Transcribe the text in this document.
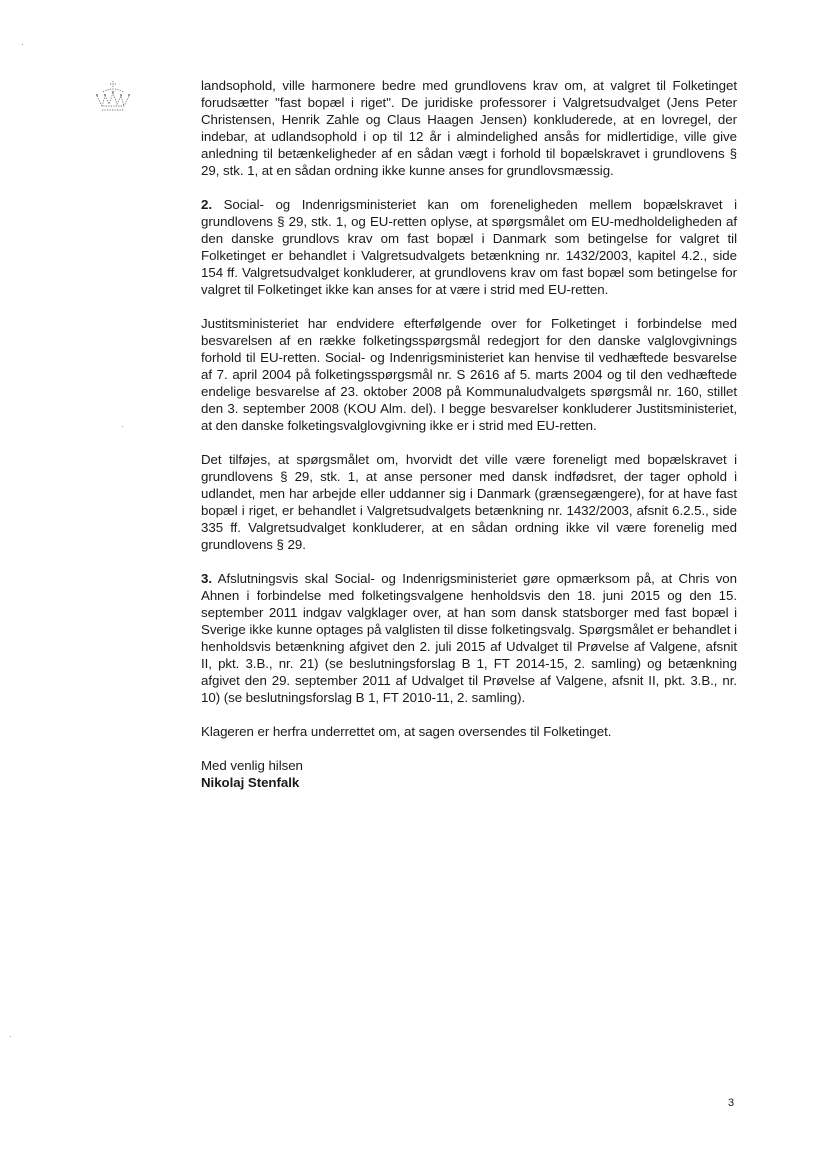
landsophold, ville harmonere bedre med grundlovens krav om, at valgret til Folketinget forudsætter "fast bopæl i riget". De juridiske professorer i Valgretsudvalget (Jens Peter Christensen, Henrik Zahle og Claus Haagen Jensen) konkluderede, at en lovregel, der indebar, at udlandsophold i op til 12 år i almindelighed ansås for midlertidige, ville give anledning til betænkeligheder af en sådan vægt i forhold til bopælskravet i grundlovens § 29, stk. 1, at en sådan ordning ikke kunne anses for grundlovsmæssig.

2. Social- og Indenrigsministeriet kan om foreneligheden mellem bopælskravet i grundlovens § 29, stk. 1, og EU-retten oplyse, at spørgsmålet om EU-medholdeligheden af den danske grundlovs krav om fast bopæl i Danmark som betingelse for valgret til Folketinget er behandlet i Valgretsudvalgets betænkning nr. 1432/2003, kapitel 4.2., side 154 ff. Valgretsudvalget konkluderer, at grundlovens krav om fast bopæl som betingelse for valgret til Folketinget ikke kan anses for at være i strid med EU-retten.

Justitsministeriet har endvidere efterfølgende over for Folketinget i forbindelse med besvarelsen af en række folketingsspørgsmål redegjort for den danske valglovgivnings forhold til EU-retten. Social- og Indenrigsministeriet kan henvise til vedhæftede besvarelse af 7. april 2004 på folketingsspørgsmål nr. S 2616 af 5. marts 2004 og til den vedhæftede endelige besvarelse af 23. oktober 2008 på Kommunaludvalgets spørgsmål nr. 160, stillet den 3. september 2008 (KOU Alm. del). I begge besvarelser konkluderer Justitsministeriet, at den danske folketingsvalglovgivning ikke er i strid med EU-retten.

Det tilføjes, at spørgsmålet om, hvorvidt det ville være foreneligt med bopælskravet i grundlovens § 29, stk. 1, at anse personer med dansk indfødsret, der tager ophold i udlandet, men har arbejde eller uddanner sig i Danmark (grænsegængere), for at have fast bopæl i riget, er behandlet i Valgretsudvalgets betænkning nr. 1432/2003, afsnit 6.2.5., side 335 ff. Valgretsudvalget konkluderer, at en sådan ordning ikke vil være forenelig med grundlovens § 29.

3. Afslutningsvis skal Social- og Indenrigsministeriet gøre opmærksom på, at Chris von Ahnen i forbindelse med folketingsvalgene henholdsvis den 18. juni 2015 og den 15. september 2011 indgav valgklager over, at han som dansk statsborger med fast bopæl i Sverige ikke kunne optages på valglisten til disse folketingsvalg. Spørgsmålet er behandlet i henholdsvis betænkning afgivet den 2. juli 2015 af Udvalget til Prøvelse af Valgene, afsnit II, pkt. 3.B., nr. 21) (se beslutningsforslag B 1, FT 2014-15, 2. samling) og betænkning afgivet den 29. september 2011 af Udvalget til Prøvelse af Valgene, afsnit II, pkt. 3.B., nr. 10) (se beslutningsforslag B 1, FT 2010-11, 2. samling).

Klageren er herfra underrettet om, at sagen oversendes til Folketinget.

Med venlig hilsen
Nikolaj Stenfalk
3
